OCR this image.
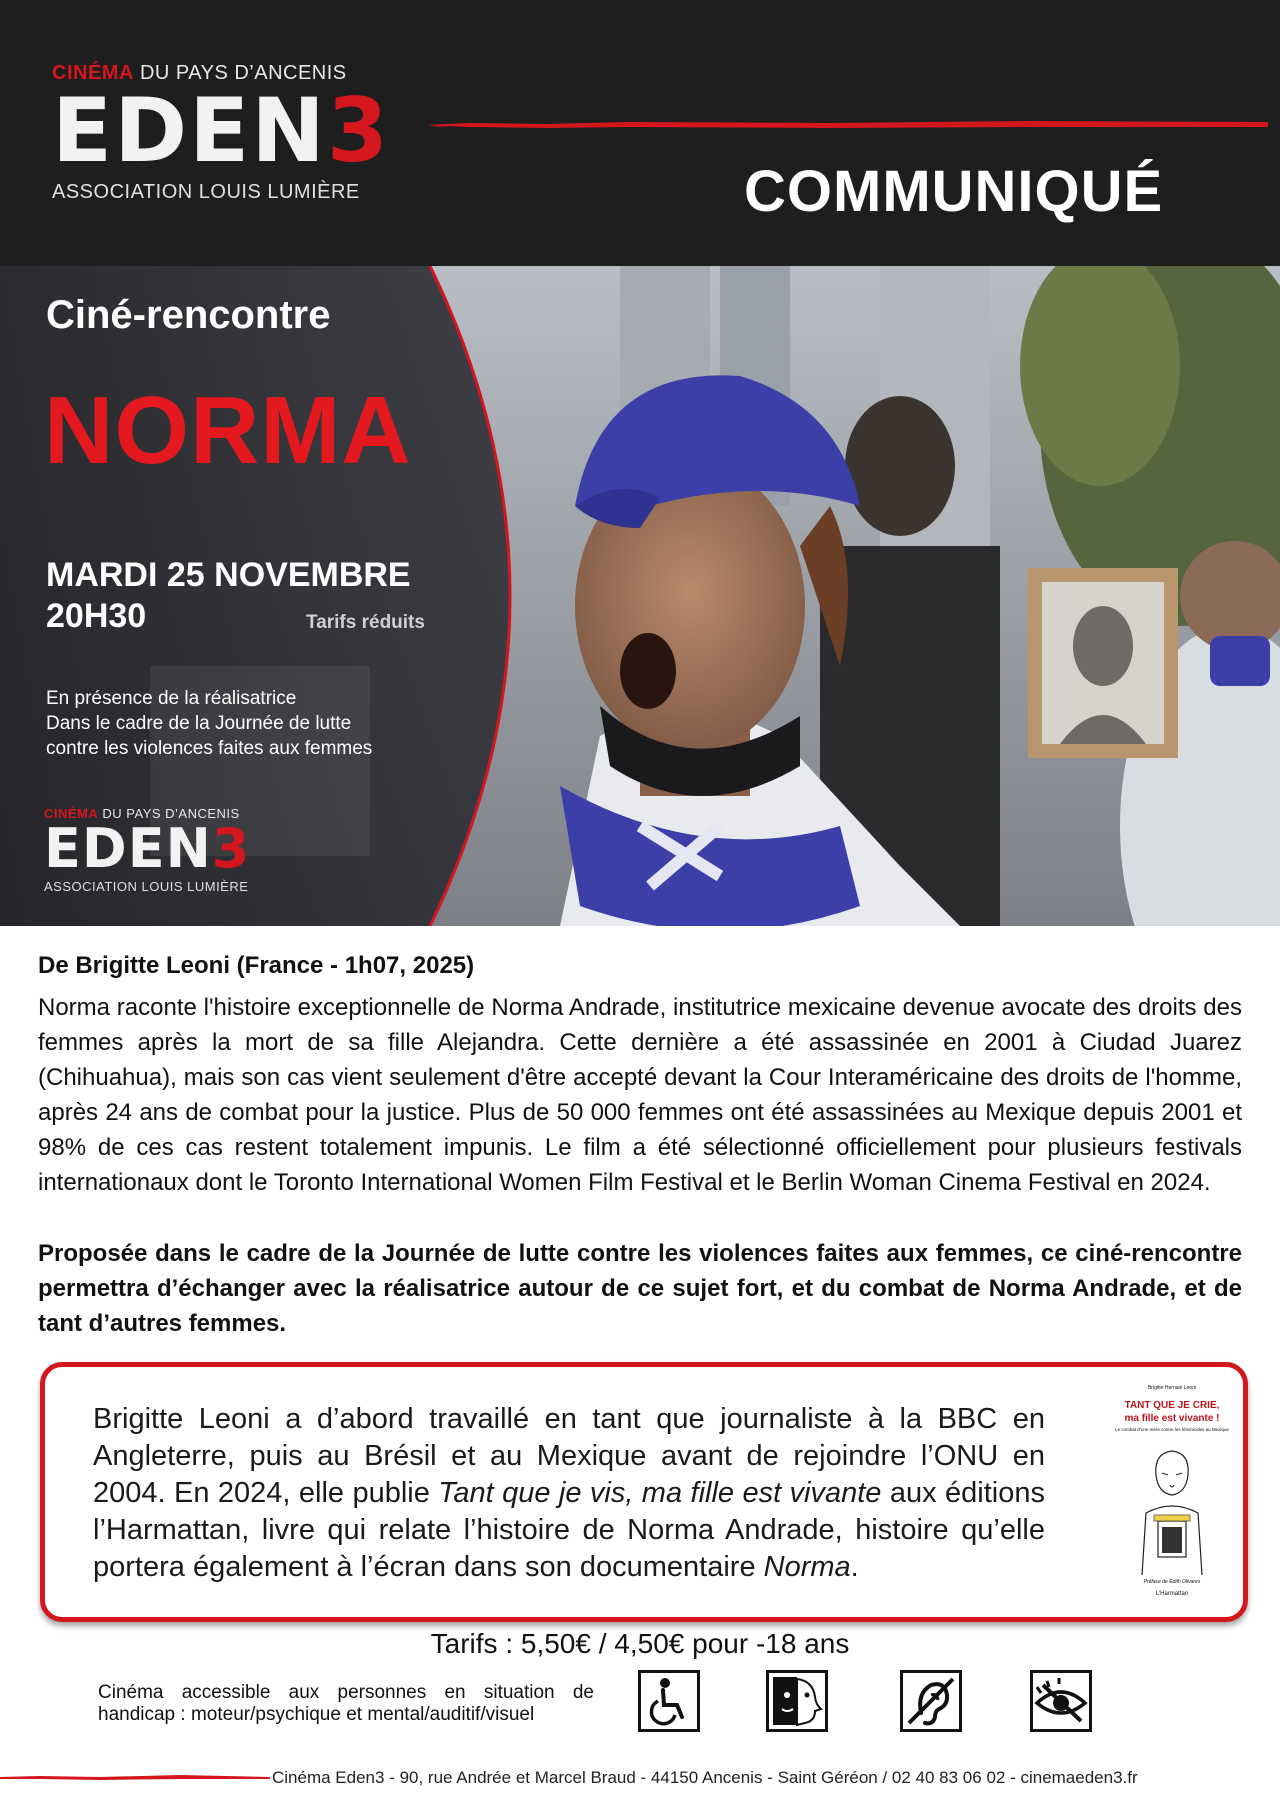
CINÉMA DU PAYS D’ANCENIS
EDEN3
ASSOCIATION LOUIS LUMIÈRE	COMMUNIQUÉ
Ciné-rencontre
NORMA
MARDI 25 NOVEMBRE
20H30	Tarifs réduits
En présence de la réalisatrice
Dans le cadre de la Journée de lutte
contre les violences faites aux femmes
CINÉMA DU PAYS D’ANCENIS
EDEN3
ASSOCIATION LOUIS LUMIÈRE
De Brigitte Leoni (France - 1h07, 2025)
Norma raconte l'histoire exceptionnelle de Norma Andrade, institutrice mexicaine devenue avocate des droits des femmes après la mort de sa fille Alejandra. Cette dernière a été assassinée en 2001 à Ciudad Juarez (Chihuahua), mais son cas vient seulement d'être accepté devant la Cour Interaméricaine des droits de l'homme, après 24 ans de combat pour la justice. Plus de 50 000 femmes ont été assassinées au Mexique depuis 2001 et 98% de ces cas restent totalement impunis. Le film a été sélectionné officiellement pour plusieurs festivals internationaux dont le Toronto International Women Film Festival et le Berlin Woman Cinema Festival en 2024.
Proposée dans le cadre de la Journée de lutte contre les violences faites aux femmes, ce ciné-rencontre permettra d’échanger avec la réalisatrice autour de ce sujet fort, et du combat de Norma Andrade, et de tant d’autres femmes.
Brigitte Leoni a d’abord travaillé en tant que journaliste à la BBC en Angleterre, puis au Brésil et au Mexique avant de rejoindre l’ONU en 2004. En 2024, elle publie Tant que je vis, ma fille est vivante aux éditions l’Harmattan, livre qui relate l’histoire de Norma Andrade, histoire qu’elle portera également à l’écran dans son documentaire Norma.
Brigitte Hernani Leoni
TANT QUE JE CRIE,
ma fille est vivante !
Le combat d’une mère contre les féminicides au Mexique
Préface de Edith Olivares
L’Harmattan
Tarifs : 5,50€ / 4,50€ pour -18 ans
Cinéma accessible aux personnes en situation de
handicap : moteur/psychique et mental/auditif/visuel
Cinéma Eden3 - 90, rue Andrée et Marcel Braud - 44150 Ancenis - Saint Géréon / 02 40 83 06 02 - cinemaeden3.fr
